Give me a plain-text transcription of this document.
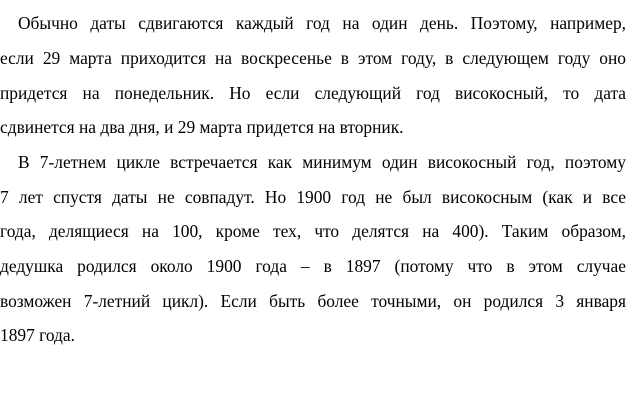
Обычно даты сдвигаются каждый год на один день. Поэтому, например,
если 29 марта приходится на воскресенье в этом году, в следующем году оно
придется на понедельник. Но если следующий год високосный, то дата
сдвинется на два дня, и 29 марта придется на вторник.
В 7-летнем цикле встречается как минимум один високосный год, поэтому
7 лет спустя даты не совпадут. Но 1900 год не был високосным (как и все
года, делящиеся на 100, кроме тех, что делятся на 400). Таким образом,
дедушка родился около 1900 года – в 1897 (потому что в этом случае
возможен 7-летний цикл). Если быть более точными, он родился 3 января
1897 года.
